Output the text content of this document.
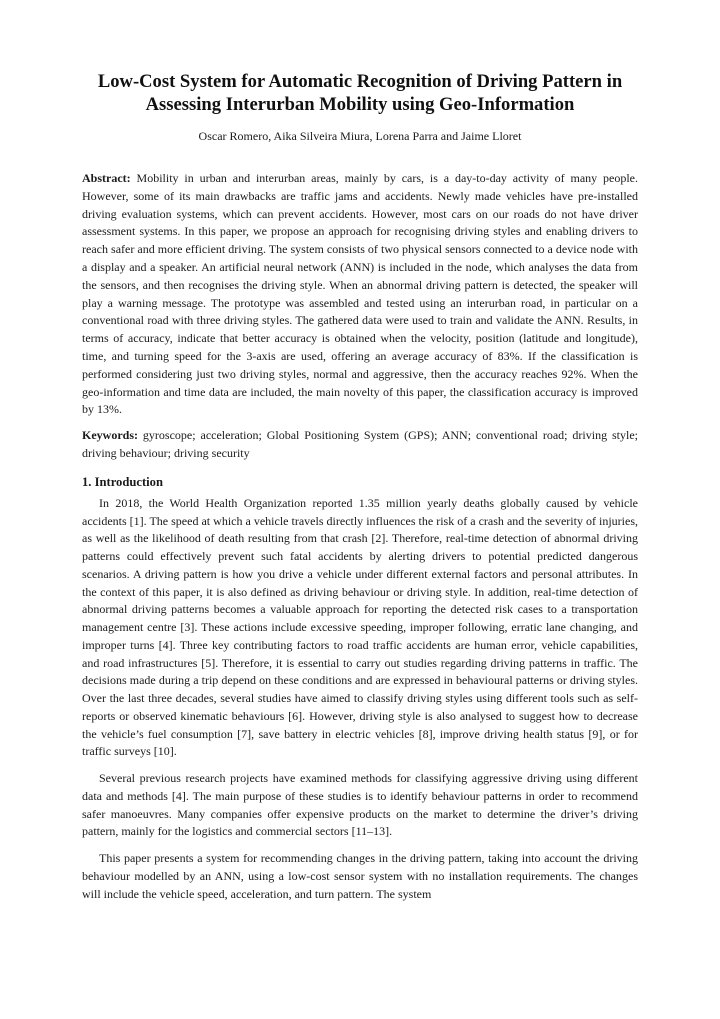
Low-Cost System for Automatic Recognition of Driving Pattern in Assessing Interurban Mobility using Geo-Information
Oscar Romero, Aika Silveira Miura, Lorena Parra and Jaime Lloret
Abstract: Mobility in urban and interurban areas, mainly by cars, is a day-to-day activity of many people. However, some of its main drawbacks are traffic jams and accidents. Newly made vehicles have pre-installed driving evaluation systems, which can prevent accidents. However, most cars on our roads do not have driver assessment systems. In this paper, we propose an approach for recognising driving styles and enabling drivers to reach safer and more efficient driving. The system consists of two physical sensors connected to a device node with a display and a speaker. An artificial neural network (ANN) is included in the node, which analyses the data from the sensors, and then recognises the driving style. When an abnormal driving pattern is detected, the speaker will play a warning message. The prototype was assembled and tested using an interurban road, in particular on a conventional road with three driving styles. The gathered data were used to train and validate the ANN. Results, in terms of accuracy, indicate that better accuracy is obtained when the velocity, position (latitude and longitude), time, and turning speed for the 3-axis are used, offering an average accuracy of 83%. If the classification is performed considering just two driving styles, normal and aggressive, then the accuracy reaches 92%. When the geo-information and time data are included, the main novelty of this paper, the classification accuracy is improved by 13%.
Keywords: gyroscope; acceleration; Global Positioning System (GPS); ANN; conventional road; driving style; driving behaviour; driving security
1. Introduction
In 2018, the World Health Organization reported 1.35 million yearly deaths globally caused by vehicle accidents [1]. The speed at which a vehicle travels directly influences the risk of a crash and the severity of injuries, as well as the likelihood of death resulting from that crash [2]. Therefore, real-time detection of abnormal driving patterns could effectively prevent such fatal accidents by alerting drivers to potential predicted dangerous scenarios. A driving pattern is how you drive a vehicle under different external factors and personal attributes. In the context of this paper, it is also defined as driving behaviour or driving style. In addition, real-time detection of abnormal driving patterns becomes a valuable approach for reporting the detected risk cases to a transportation management centre [3]. These actions include excessive speeding, improper following, erratic lane changing, and improper turns [4]. Three key contributing factors to road traffic accidents are human error, vehicle capabilities, and road infrastructures [5]. Therefore, it is essential to carry out studies regarding driving patterns in traffic. The decisions made during a trip depend on these conditions and are expressed in behavioural patterns or driving styles. Over the last three decades, several studies have aimed to classify driving styles using different tools such as self-reports or observed kinematic behaviours [6]. However, driving style is also analysed to suggest how to decrease the vehicle’s fuel consumption [7], save battery in electric vehicles [8], improve driving health status [9], or for traffic surveys [10].
Several previous research projects have examined methods for classifying aggressive driving using different data and methods [4]. The main purpose of these studies is to identify behaviour patterns in order to recommend safer manoeuvres. Many companies offer expensive products on the market to determine the driver’s driving pattern, mainly for the logistics and commercial sectors [11–13].
This paper presents a system for recommending changes in the driving pattern, taking into account the driving behaviour modelled by an ANN, using a low-cost sensor system with no installation requirements. The changes will include the vehicle speed, acceleration, and turn pattern. The system
